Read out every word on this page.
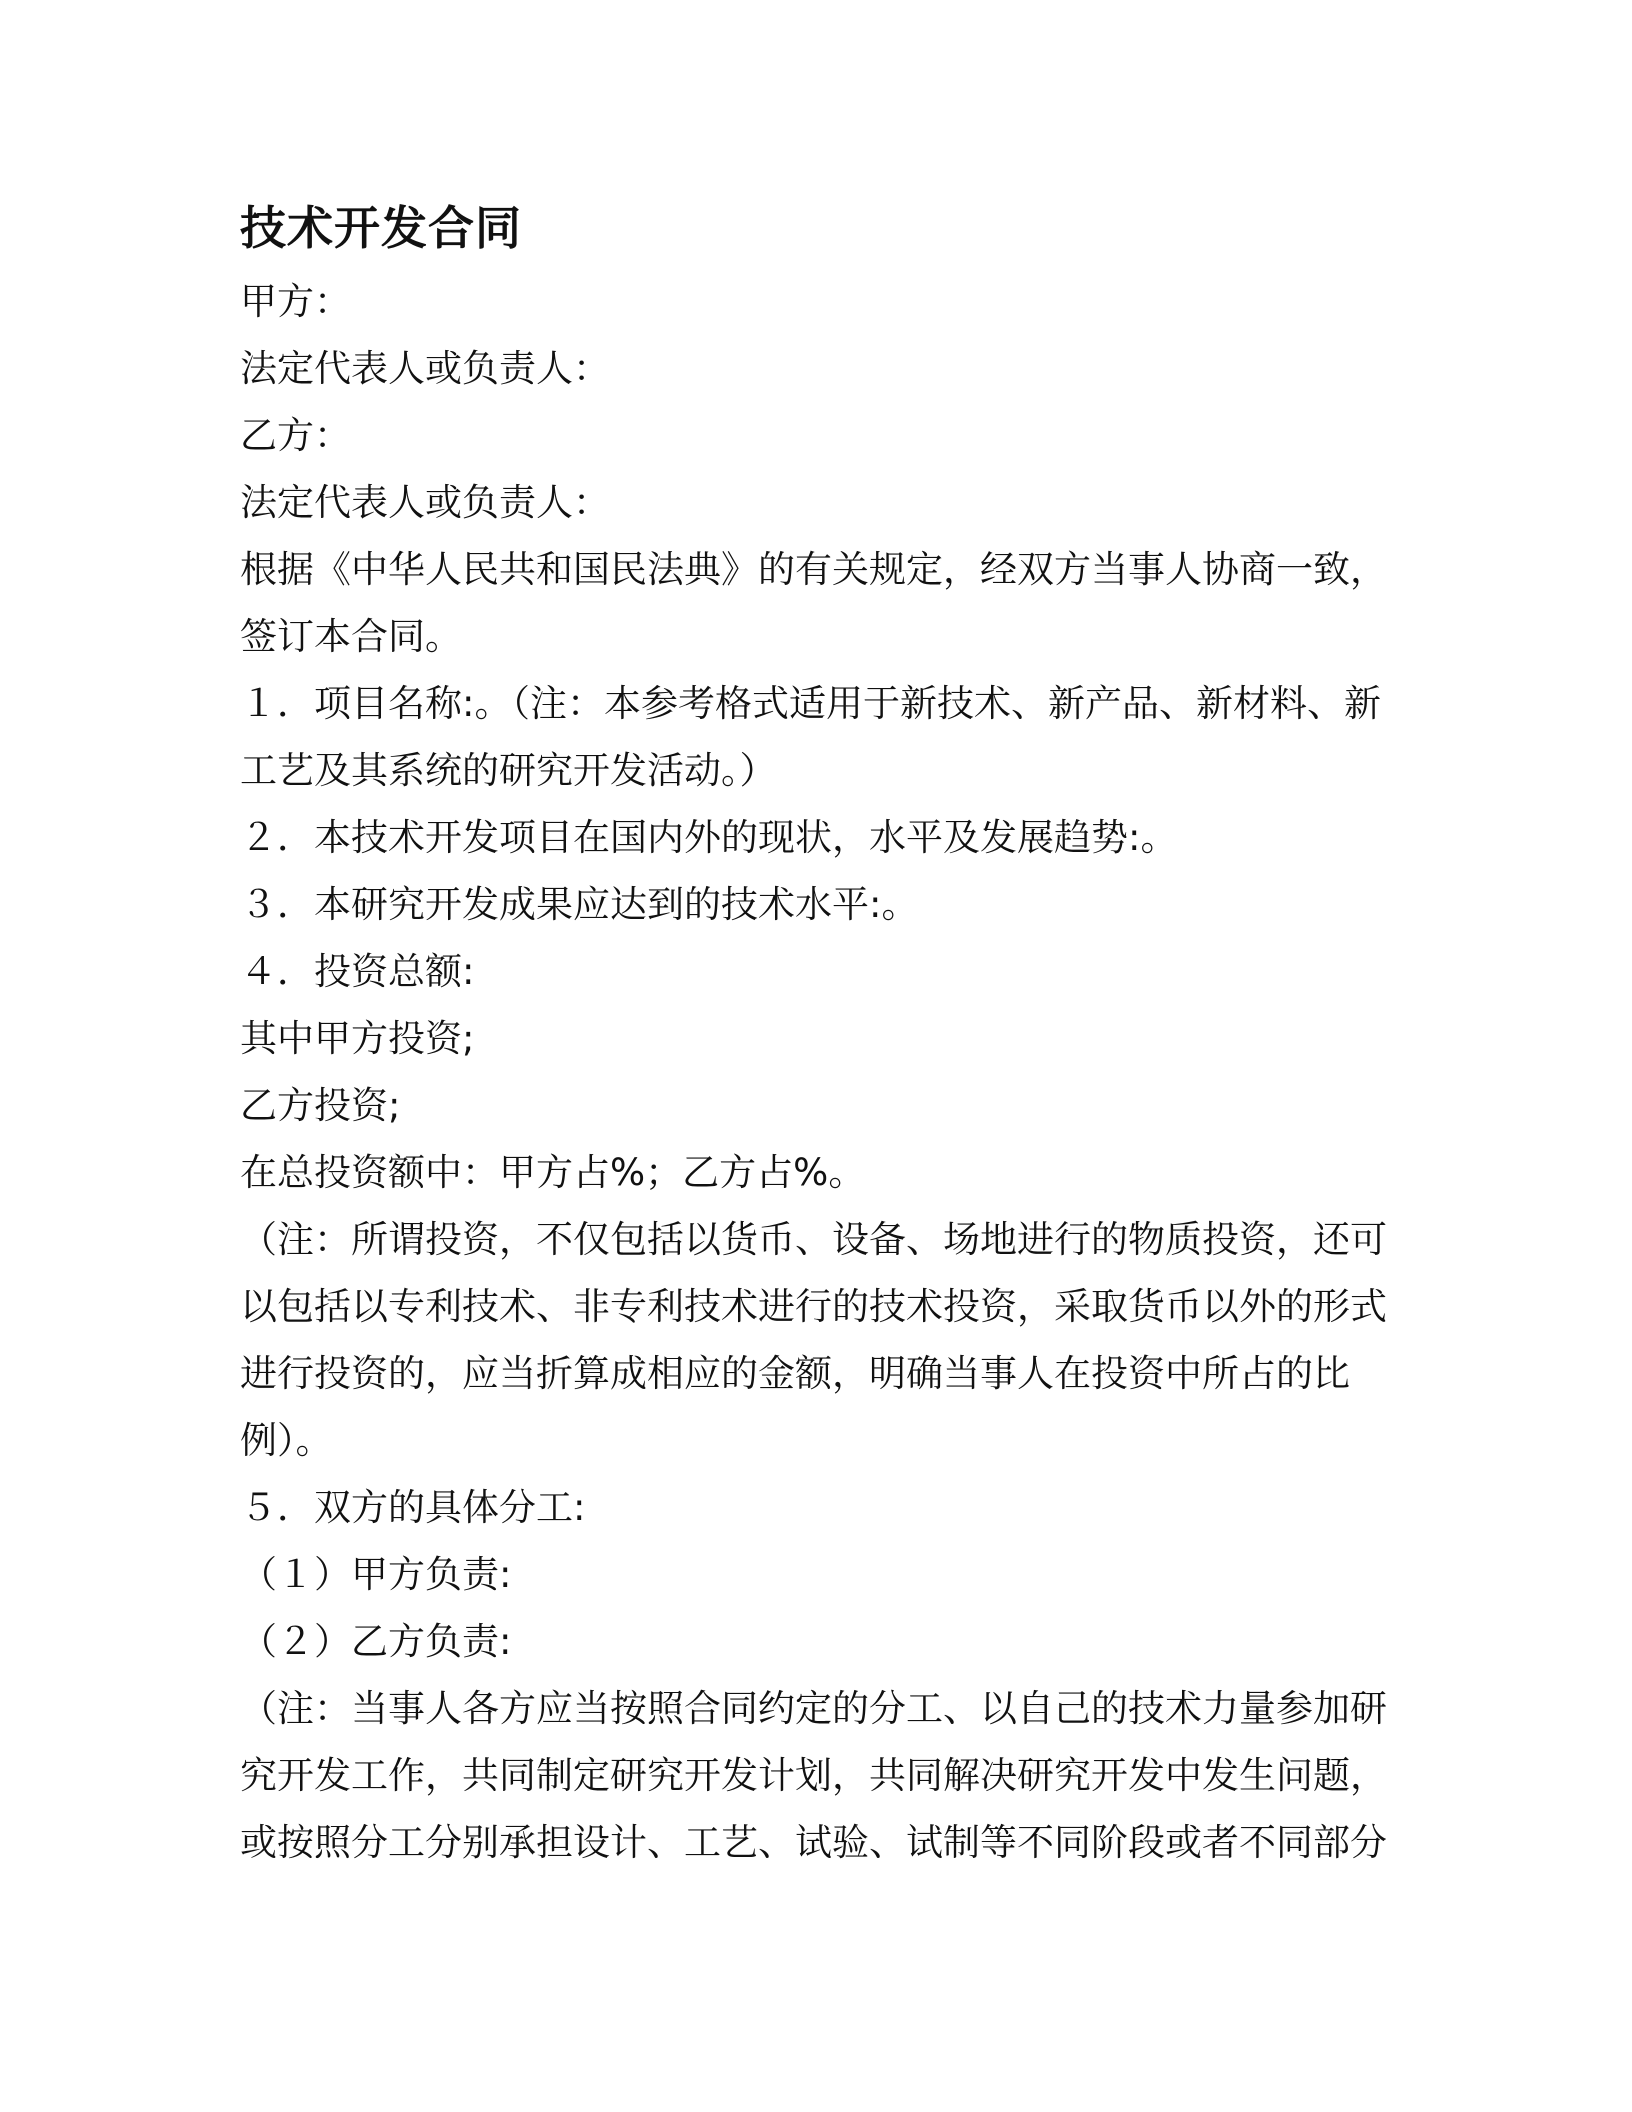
技术开发合同

甲方：

法定代表人或负责人：

乙方：

法定代表人或负责人：

根据《中华人民共和国民法典》的有关规定，经双方当事人协商一致，

签订本合同。

１．项目名称:。（注：本参考格式适用于新技术、新产品、新材料、新

工艺及其系统的研究开发活动。）

２．本技术开发项目在国内外的现状，水平及发展趋势:。

３．本研究开发成果应达到的技术水平:。

４．投资总额:

其中甲方投资;

乙方投资;

在总投资额中：甲方占%；乙方占%。

（注：所谓投资，不仅包括以货币、设备、场地进行的物质投资，还可

以包括以专利技术、非专利技术进行的技术投资，采取货币以外的形式

进行投资的，应当折算成相应的金额，明确当事人在投资中所占的比

例）。

５．双方的具体分工:

（１）甲方负责:

（２）乙方负责:

（注：当事人各方应当按照合同约定的分工、以自己的技术力量参加研

究开发工作，共同制定研究开发计划，共同解决研究开发中发生问题，

或按照分工分别承担设计、工艺、试验、试制等不同阶段或者不同部分
